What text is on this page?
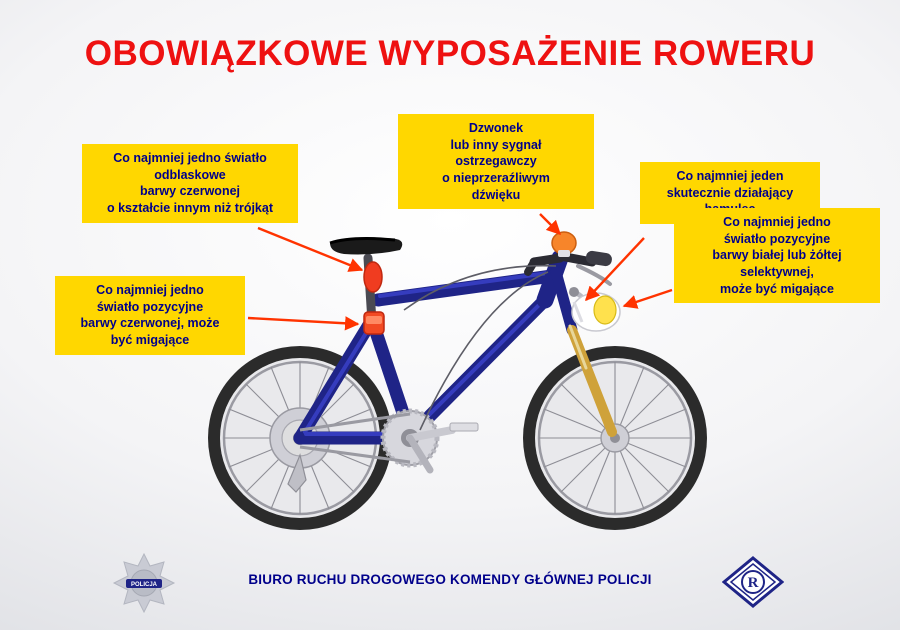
OBOWIĄZKOWE WYPOSAŻENIE ROWERU
Co najmniej jedno światło
odblaskowe
barwy czerwonej
o kształcie innym niż trójkąt
Dzwonek
lub inny sygnał
ostrzegawczy
o nieprzeraźliwym
dźwięku
Co najmniej jeden
skutecznie działający
Co najmniej jedno
światło pozycyjne
barwy białej lub żółtej
selektywnej,
może być migające
Co najmniej jedno
światło pozycyjne
barwy czerwonej, może
być migające
POLICJA	BIURO RUCHU DROGOWEGO KOMENDY GŁÓWNEJ POLICJI	R
